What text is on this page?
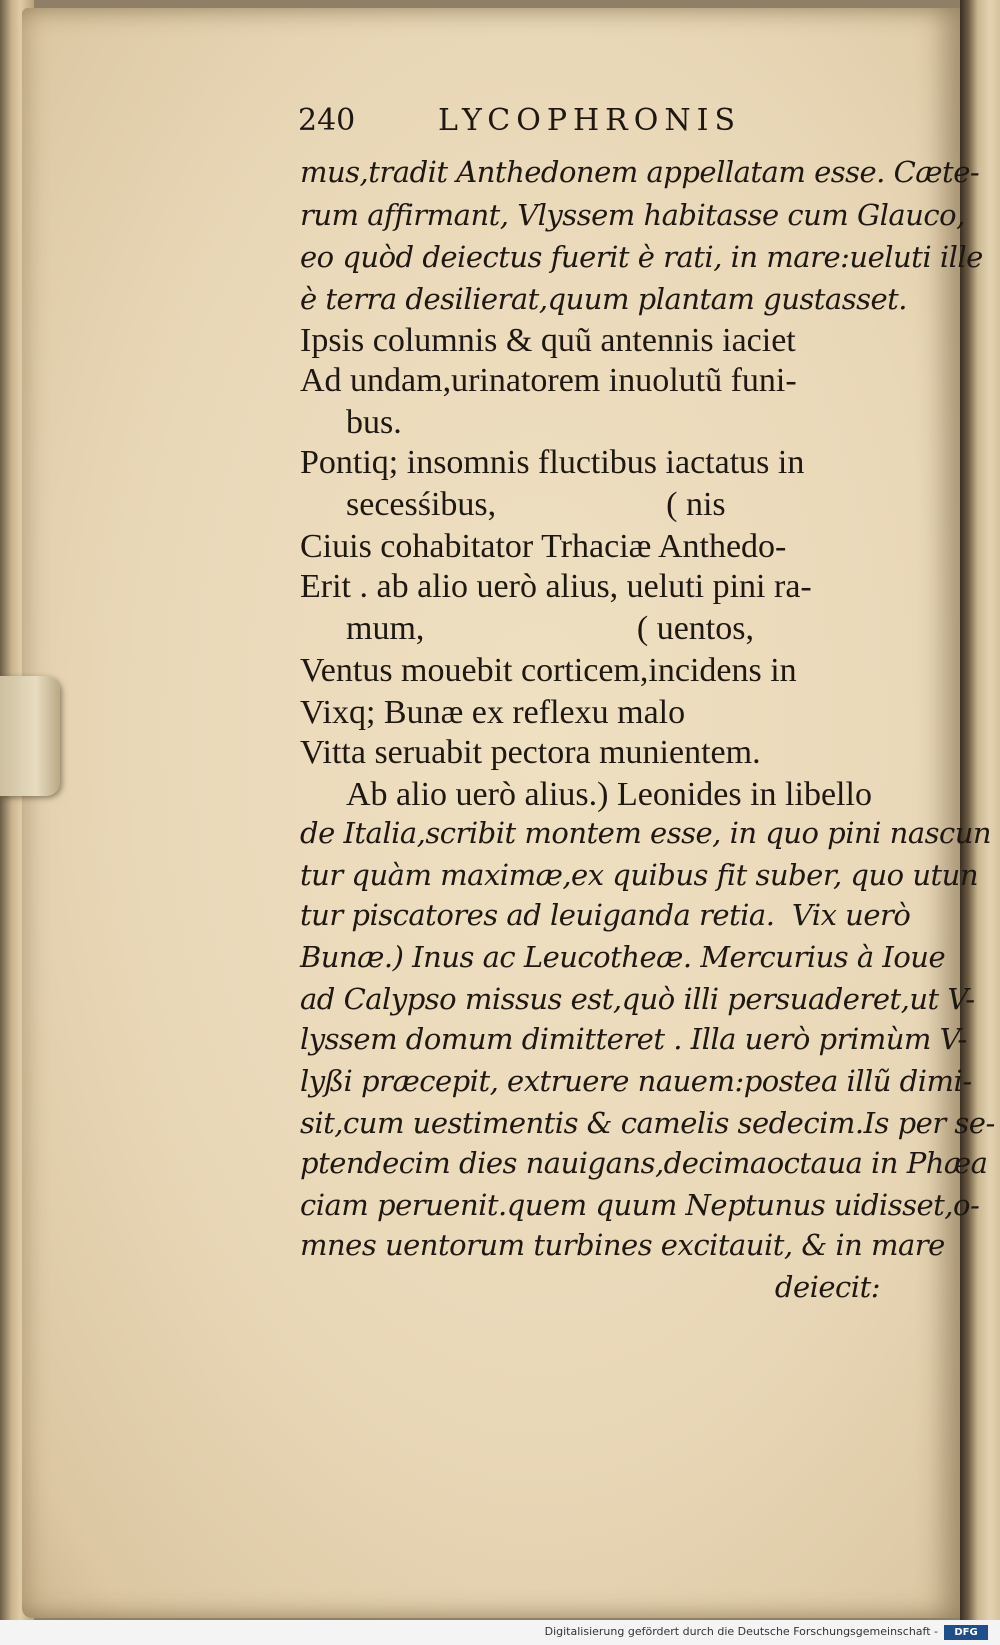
240	LYCOPHRONIS
mus,tradit Anthedonem appellatam esse. Cæte-
rum affirmant, Vlyssem habitasse cum Glauco,
eo quòd deiectus fuerit è rati, in mare:ueluti ille
è terra desilierat,quum plantam gustasset.
Ipsis columnis & quũ antennis iaciet
Ad undam,urinatorem inuolutũ funi-
bus.
Pontiq; insomnis fluctibus iactatus in
secesśibus,                    ( nis
Ciuis cohabitator Trhaciæ Anthedo-
Erit . ab alio uerò alius, ueluti pini ra-
mum,                         ( uentos,
Ventus mouebit corticem,incidens in
Vixq; Bunæ ex reflexu malo
Vitta seruabit pectora munientem.
Ab alio uerò alius.) Leonides in libello
de Italia,scribit montem esse, in quo pini nascun
tur quàm maximæ,ex quibus fit suber, quo utun
tur piscatores ad leuiganda retia.  Vix uerò
Bunæ.) Inus ac Leucotheæ. Mercurius à Ioue
ad Calypso missus est,quò illi persuaderet,ut V-
lyssem domum dimitteret . Illa uerò primùm V-
lyßi præcepit, extruere nauem:postea illũ dimi-
sit,cum uestimentis & camelis sedecim.Is per se-
ptendecim dies nauigans,decimaoctaua in Phæa
ciam peruenit.quem quum Neptunus uidisset,o-
mnes uentorum turbines excitauit, & in mare
deiecit:
Digitalisierung gefördert durch die Deutsche Forschungsgemeinschaft -	DFG
